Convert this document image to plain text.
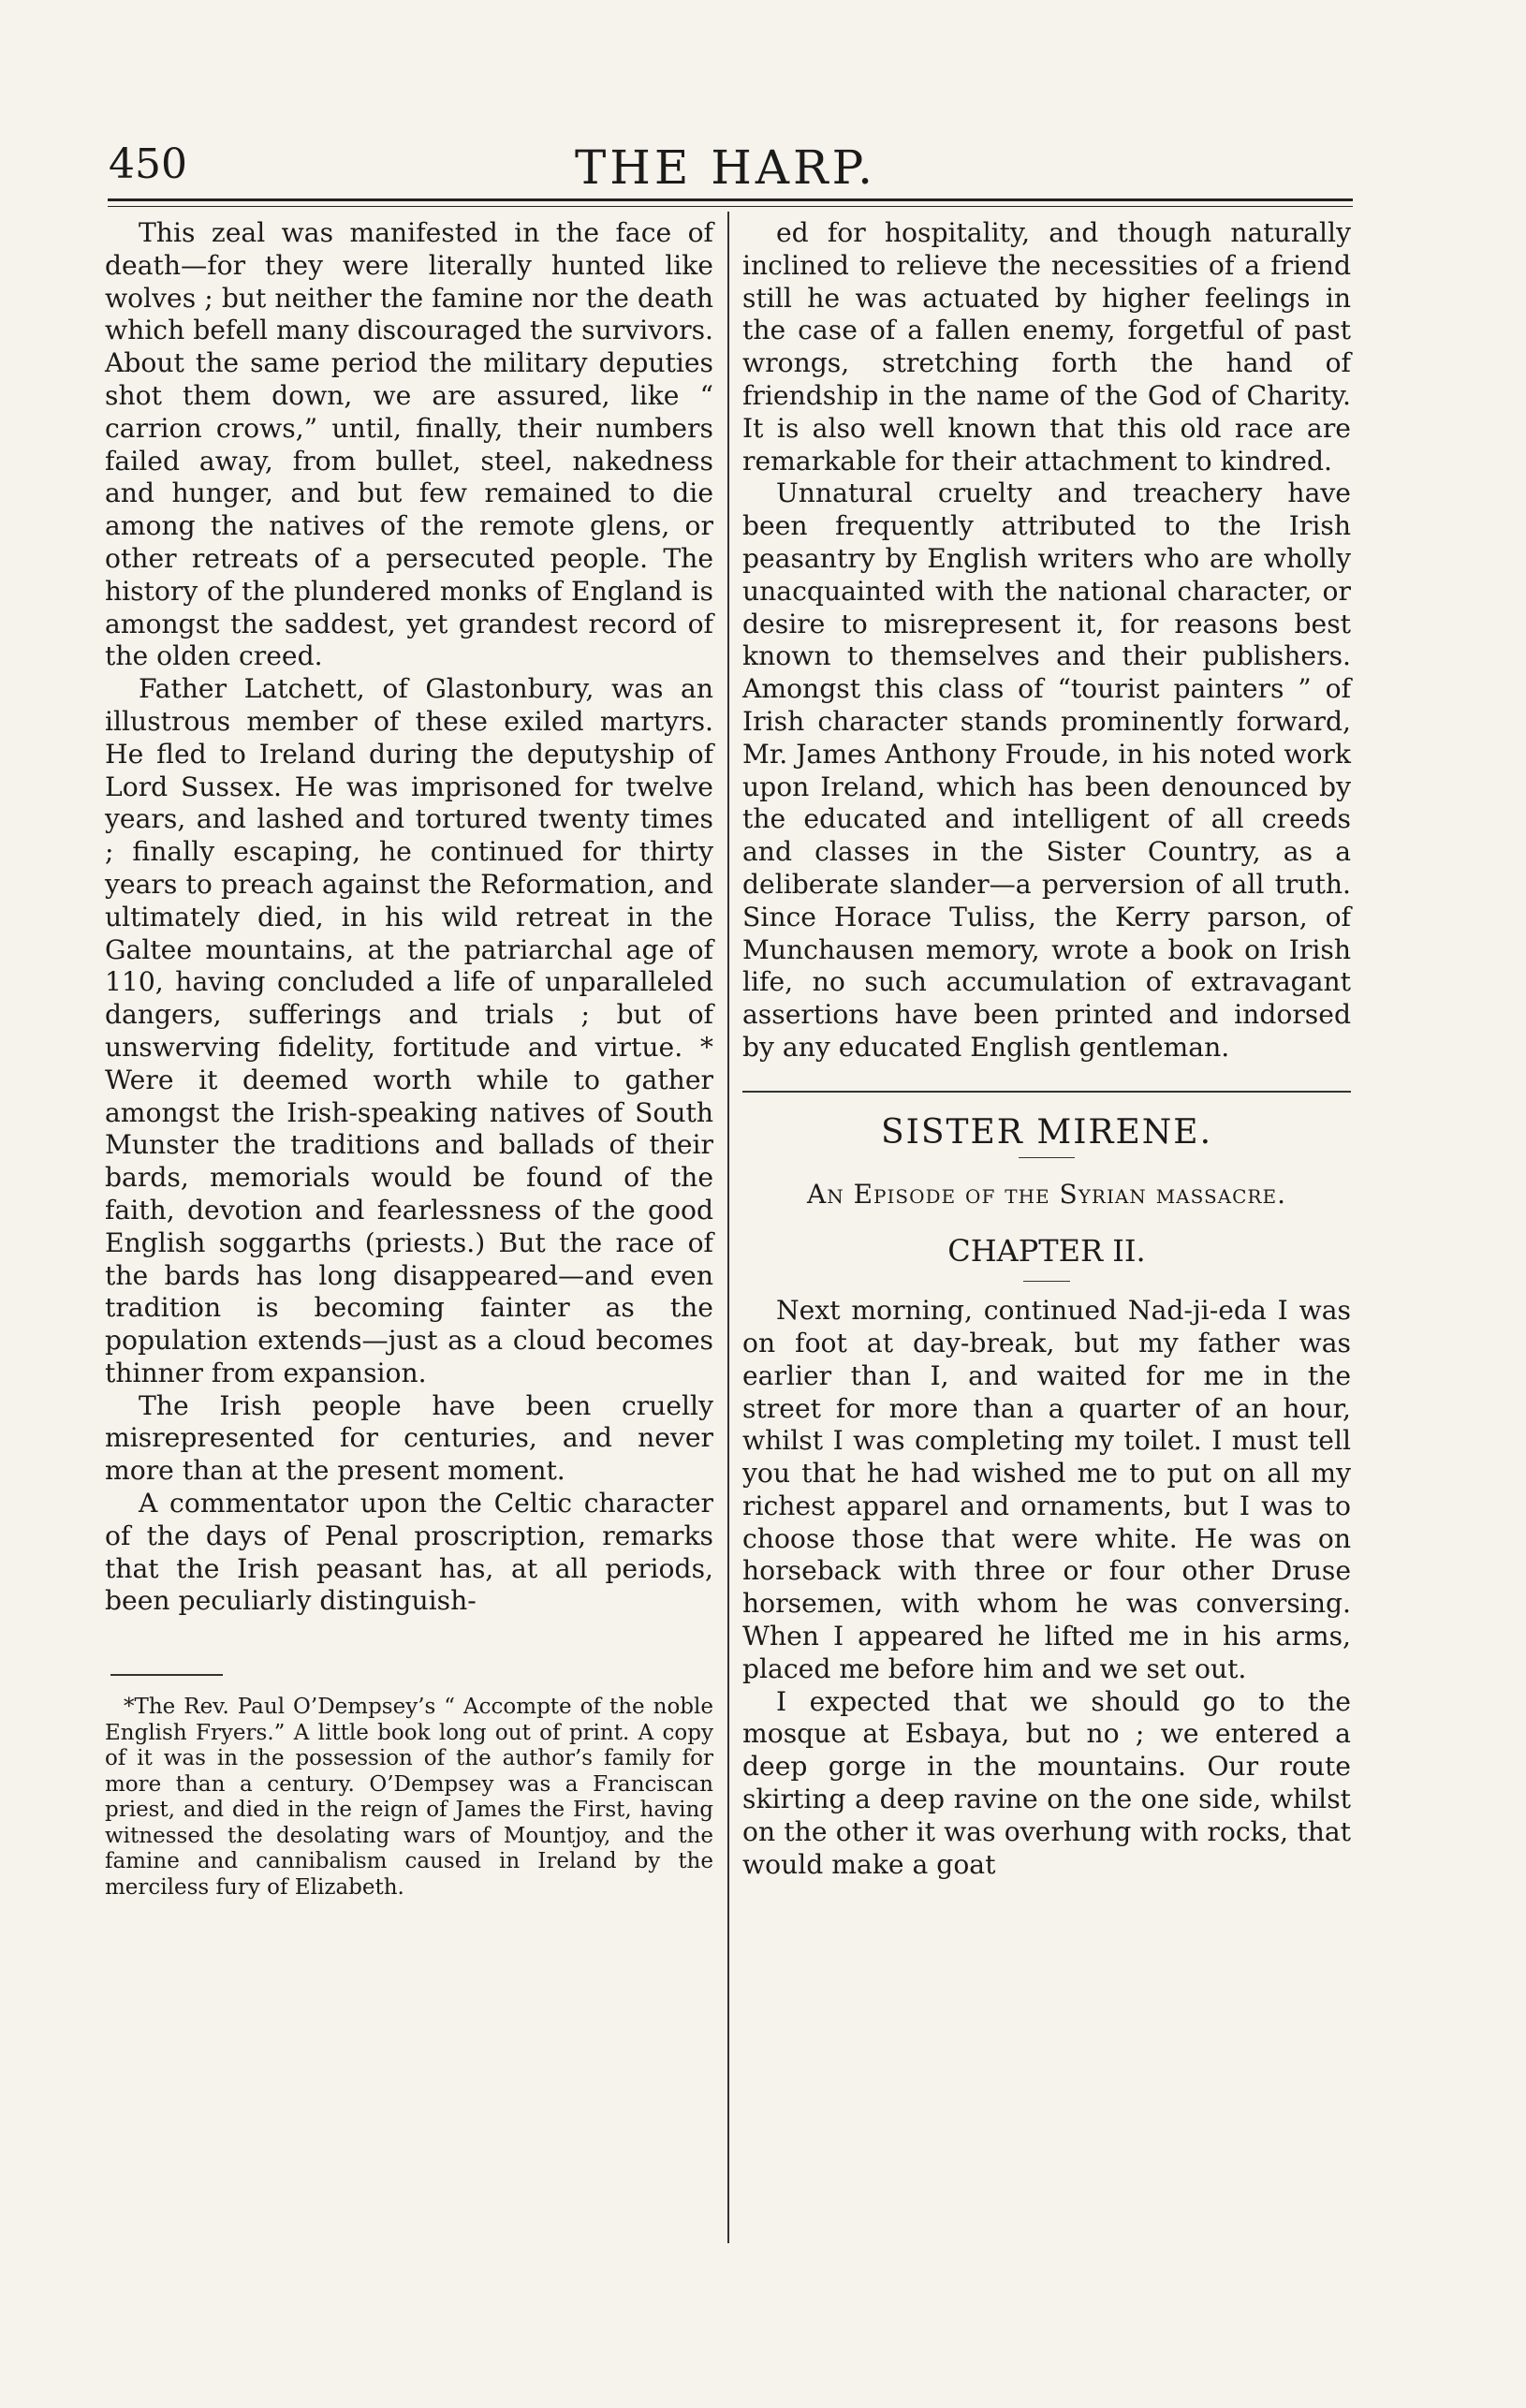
450	THE HARP.

This zeal was manifested in the face of death—for they were literally hunted like wolves ; but neither the famine nor the death which befell many discouraged the survivors. About the same period the military deputies shot them down, we are assured, like “ carrion crows,” until, finally, their numbers failed away, from bullet, steel, nakedness and hunger, and but few remained to die among the natives of the remote glens, or other retreats of a persecuted people. The history of the plundered monks of England is amongst the saddest, yet grandest record of the olden creed.

Father Latchett, of Glastonbury, was an illustrous member of these exiled martyrs. He fled to Ireland during the deputyship of Lord Sussex. He was imprisoned for twelve years, and lashed and tortured twenty times ; finally escaping, he continued for thirty years to preach against the Reformation, and ultimately died, in his wild retreat in the Galtee mountains, at the patriarchal age of 110, having concluded a life of unparalleled dangers, sufferings and trials ; but of unswerving fidelity, fortitude and virtue. * Were it deemed worth while to gather amongst the Irish-speaking natives of South Munster the traditions and ballads of their bards, memorials would be found of the faith, devotion and fearlessness of the good English soggarths (priests.) But the race of the bards has long disappeared—and even tradition is becoming fainter as the population extends—just as a cloud becomes thinner from expansion.

The Irish people have been cruelly misrepresented for centuries, and never more than at the present moment.

A commentator upon the Celtic character of the days of Penal proscription, remarks that the Irish peasant has, at all periods, been peculiarly distinguish-

*The Rev. Paul O’Dempsey’s “ Accompte of the noble English Fryers.” A little book long out of print. A copy of it was in the possession of the author’s family for more than a century. O’Dempsey was a Franciscan priest, and died in the reign of James the First, having witnessed the desolating wars of Mountjoy, and the famine and cannibalism caused in Ireland by the merciless fury of Elizabeth.

ed for hospitality, and though naturally inclined to relieve the necessities of a friend still he was actuated by higher feelings in the case of a fallen enemy, forgetful of past wrongs, stretching forth the hand of friendship in the name of the God of Charity. It is also well known that this old race are remarkable for their attachment to kindred.

Unnatural cruelty and treachery have been frequently attributed to the Irish peasantry by English writers who are wholly unacquainted with the national character, or desire to misrepresent it, for reasons best known to themselves and their publishers. Amongst this class of “tourist painters ” of Irish character stands prominently forward, Mr. James Anthony Froude, in his noted work upon Ireland, which has been denounced by the educated and intelligent of all creeds and classes in the Sister Country, as a deliberate slander—a perversion of all truth. Since Horace Tuliss, the Kerry parson, of Munchausen memory, wrote a book on Irish life, no such accumulation of extravagant assertions have been printed and indorsed by any educated English gentleman.

SISTER MIRENE.
An Episode of the Syrian massacre.
CHAPTER II.

Next morning, continued Nad-ji-eda I was on foot at day-break, but my father was earlier than I, and waited for me in the street for more than a quarter of an hour, whilst I was completing my toilet. I must tell you that he had wished me to put on all my richest apparel and ornaments, but I was to choose those that were white. He was on horseback with three or four other Druse horsemen, with whom he was conversing. When I appeared he lifted me in his arms, placed me before him and we set out.

I expected that we should go to the mosque at Esbaya, but no ; we entered a deep gorge in the mountains. Our route skirting a deep ravine on the one side, whilst on the other it was overhung with rocks, that would make a goat
